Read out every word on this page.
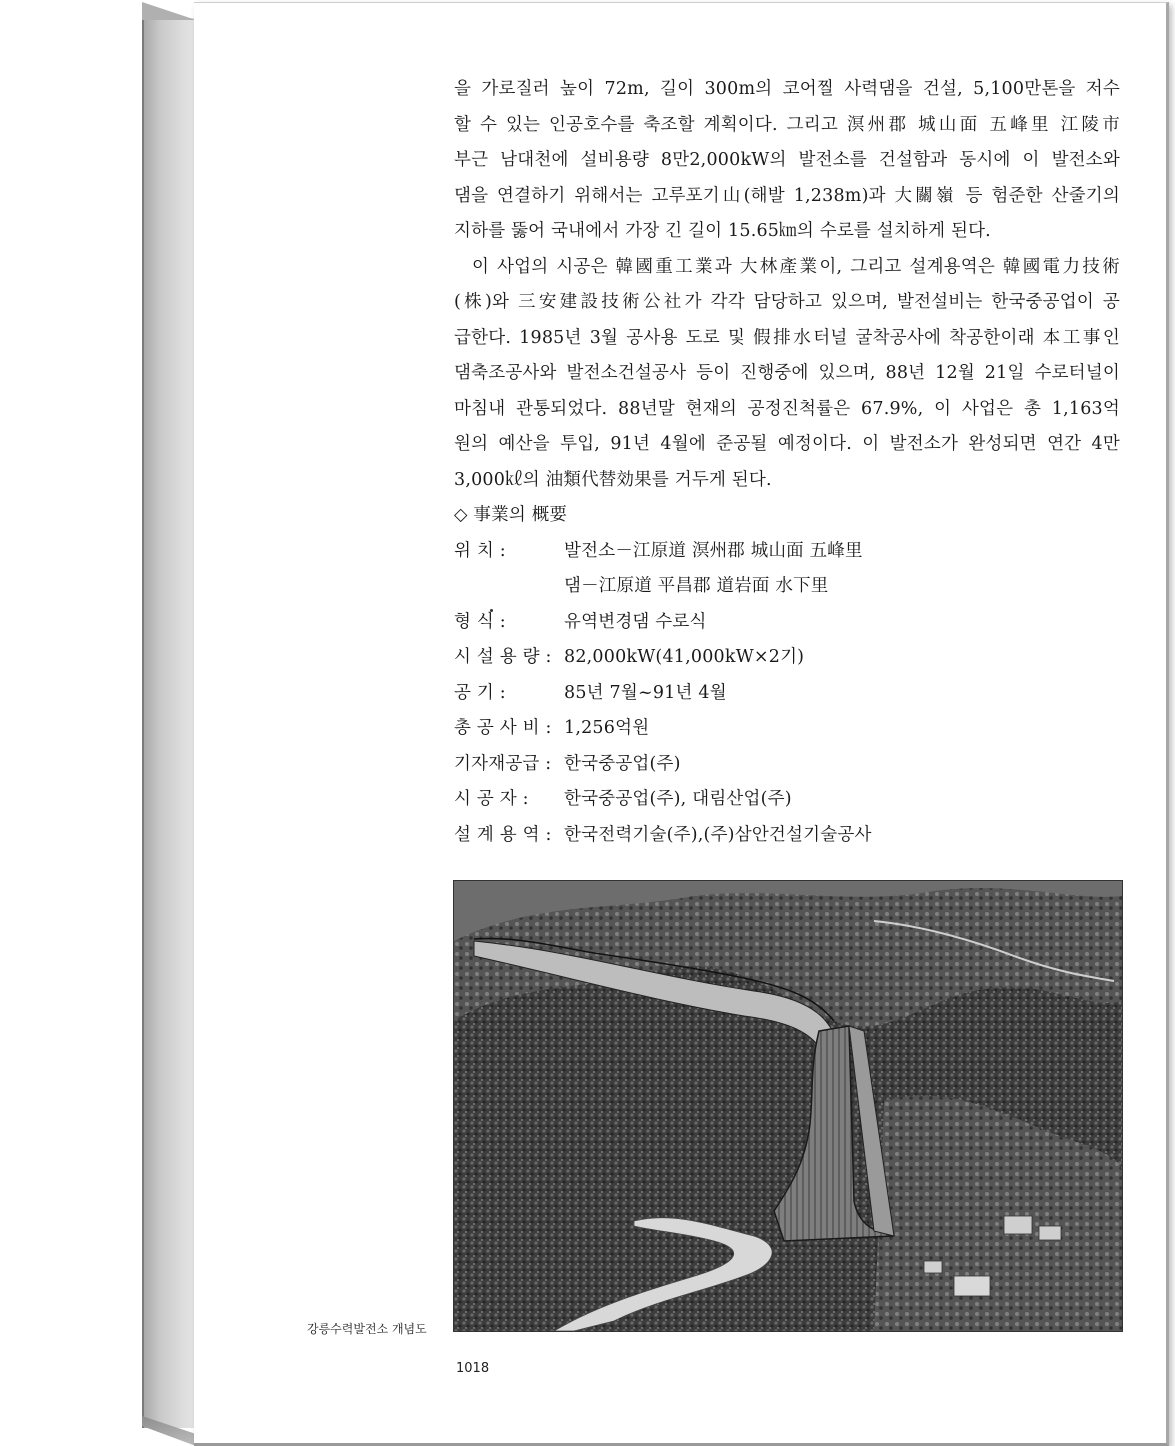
을 가로질러 높이 72m, 길이 300m의 코어찔 사력댐을 건설, 5,100만톤을 저수
할 수 있는 인공호수를 축조할 계획이다. 그리고 溟州郡 城山面 五峰里 江陵市
부근 남대천에 설비용량 8만2,000kW의 발전소를 건설함과 동시에 이 발전소와
댐을 연결하기 위해서는 고루포기山(해발 1,238m)과 大關嶺 등 험준한 산줄기의
지하를 뚫어 국내에서 가장 긴 길이 15.65㎞의 수로를 설치하게 된다.
이 사업의 시공은 韓國重工業과 大林產業이, 그리고 설계용역은 韓國電力技術
(株)와 三安建設技術公社가 각각 담당하고 있으며, 발전설비는 한국중공업이 공
급한다. 1985년 3월 공사용 도로 및 假排水터널 굴착공사에 착공한이래 本工事인
댐축조공사와 발전소건설공사 등이 진행중에 있으며, 88년 12월 21일 수로터널이
마침내 관통되었다. 88년말 현재의 공정진척률은 67.9%, 이 사업은 총 1,163억
원의 예산을 투입, 91년 4월에 준공될 예정이다. 이 발전소가 완성되면 연간 4만
3,000㎘의 油類代替効果를 거두게 된다.
◇ 事業의 概要
위 치 :	발전소－江原道 溟州郡 城山面 五峰里
댐－江原道 平昌郡 道岩面 水下里
형 식 :	유역변경댐 수로식
시 설 용 량 : 82,000kW(41,000kW×2기)
공 기 :	85년 7월~91년 4월
총 공 사 비 : 1,256억원
기자재공급 : 한국중공업(주)
시 공 자 :	한국중공업(주), 대림산업(주)
설 계 용 역 : 한국전력기술(주),(주)삼안건설기술공사
강릉수력발전소 개념도
1018
